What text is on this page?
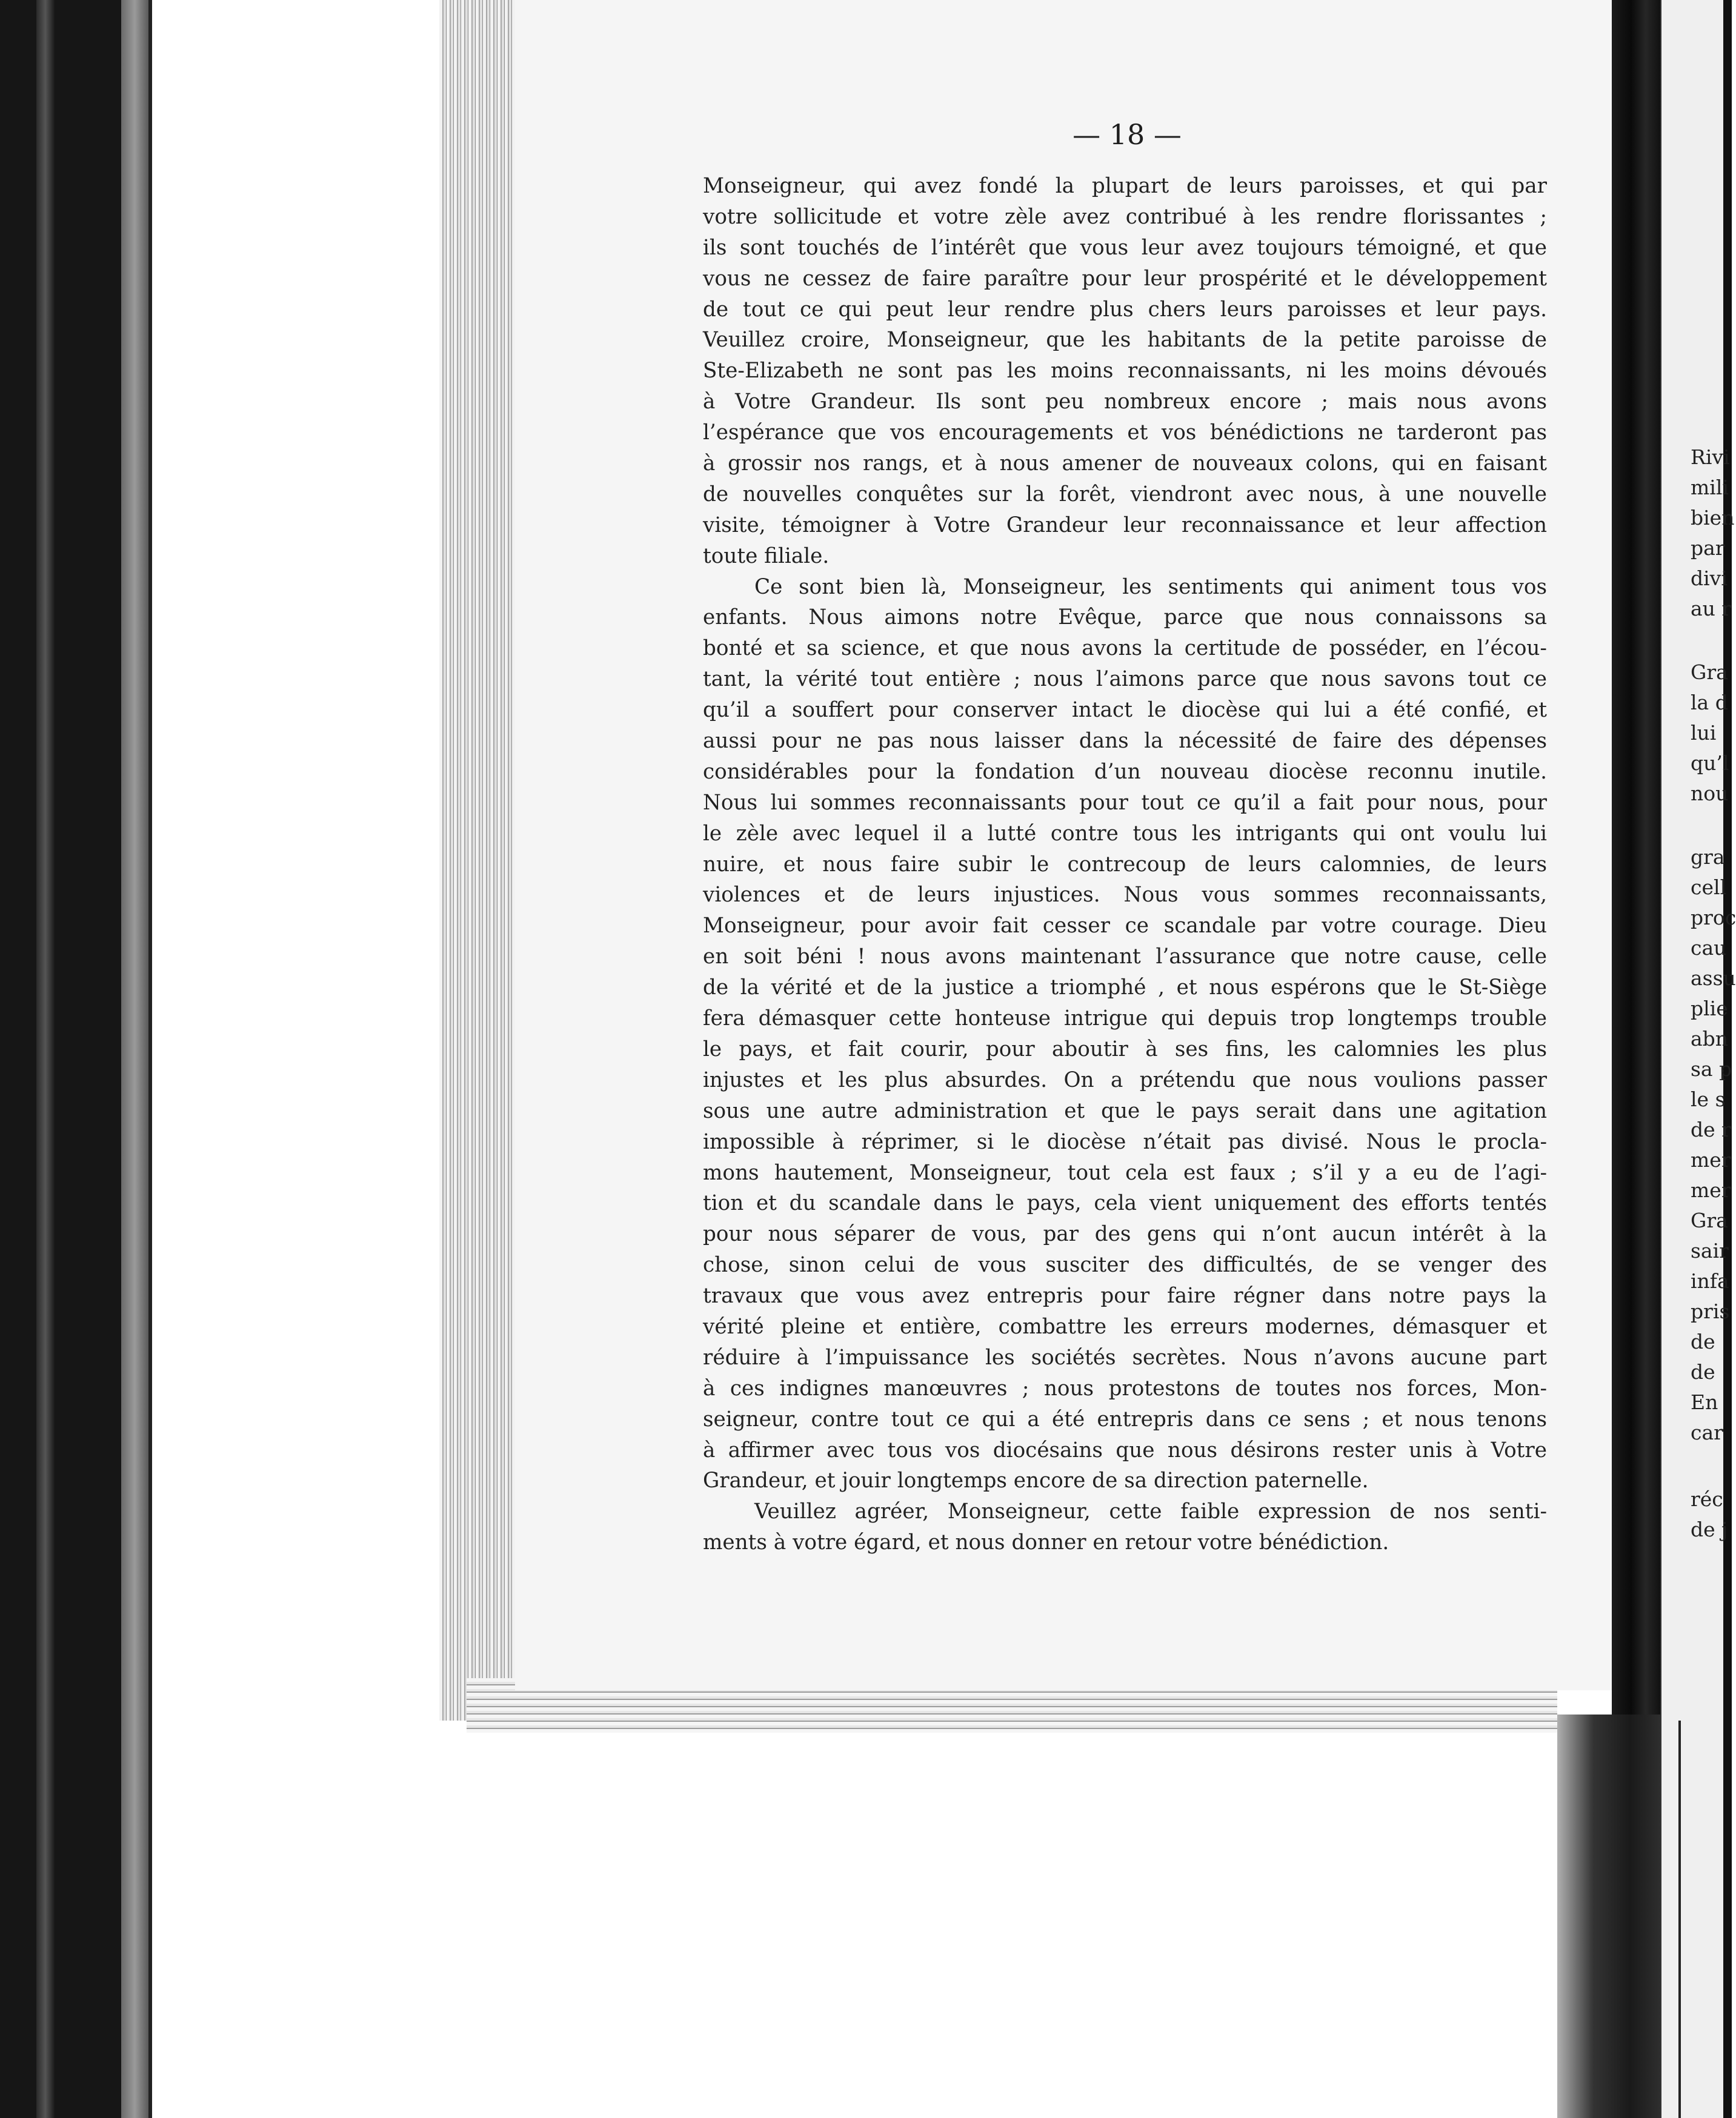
— 18 —
Monseigneur, qui avez fondé la plupart de leurs paroisses, et qui par
votre sollicitude et votre zèle avez contribué à les rendre florissantes ;
ils sont touchés de l’intérêt que vous leur avez toujours témoigné, et que
vous ne cessez de faire paraître pour leur prospérité et le développement
de tout ce qui peut leur rendre plus chers leurs paroisses et leur pays.
Veuillez croire, Monseigneur, que les habitants de la petite paroisse de
Ste-Elizabeth ne sont pas les moins reconnaissants, ni les moins dévoués
à Votre Grandeur. Ils sont peu nombreux encore ; mais nous avons
l’espérance que vos encouragements et vos bénédictions ne tarderont pas
à grossir nos rangs, et à nous amener de nouveaux colons, qui en faisant
de nouvelles conquêtes sur la forêt, viendront avec nous, à une nouvelle
visite, témoigner à Votre Grandeur leur reconnaissance et leur affection
toute filiale.
Ce sont bien là, Monseigneur, les sentiments qui animent tous vos
enfants. Nous aimons notre Evêque, parce que nous connaissons sa
bonté et sa science, et que nous avons la certitude de posséder, en l’écou-
tant, la vérité tout entière ; nous l’aimons parce que nous savons tout ce
qu’il a souffert pour conserver intact le diocèse qui lui a été confié, et
aussi pour ne pas nous laisser dans la nécessité de faire des dépenses
considérables pour la fondation d’un nouveau diocèse reconnu inutile.
Nous lui sommes reconnaissants pour tout ce qu’il a fait pour nous, pour
le zèle avec lequel il a lutté contre tous les intrigants qui ont voulu lui
nuire, et nous faire subir le contrecoup de leurs calomnies, de leurs
violences et de leurs injustices. Nous vous sommes reconnaissants,
Monseigneur, pour avoir fait cesser ce scandale par votre courage. Dieu
en soit béni ! nous avons maintenant l’assurance que notre cause, celle
de la vérité et de la justice a triomphé , et nous espérons que le St-Siège
fera démasquer cette honteuse intrigue qui depuis trop longtemps trouble
le pays, et fait courir, pour aboutir à ses fins, les calomnies les plus
injustes et les plus absurdes. On a prétendu que nous voulions passer
sous une autre administration et que le pays serait dans une agitation
impossible à réprimer, si le diocèse n’était pas divisé. Nous le procla-
mons hautement, Monseigneur, tout cela est faux ; s’il y a eu de l’agi-
tion et du scandale dans le pays, cela vient uniquement des efforts tentés
pour nous séparer de vous, par des gens qui n’ont aucun intérêt à la
chose, sinon celui de vous susciter des difficultés, de se venger des
travaux que vous avez entrepris pour faire régner dans notre pays la
vérité pleine et entière, combattre les erreurs modernes, démasquer et
réduire à l’impuissance les sociétés secrètes. Nous n’avons aucune part
à ces indignes manœuvres ; nous protestons de toutes nos forces, Mon-
seigneur, contre tout ce qui a été entrepris dans ce sens ; et nous tenons
à affirmer avec tous vos diocésains que nous désirons rester unis à Votre
Grandeur, et jouir longtemps encore de sa direction paternelle.
Veuillez agréer, Monseigneur, cette faible expression de nos senti-
ments à votre égard, et nous donner en retour votre bénédiction.
Rivi
mili
bien
par
divi
au r
Gra
la d
lui
qu’l
nou
gra
cell
proc
cau
assu
plie
abn
sa p
le s
de r
mer
mer
Gra
sair
infa
pris
de
de
En
car
réc
de j
